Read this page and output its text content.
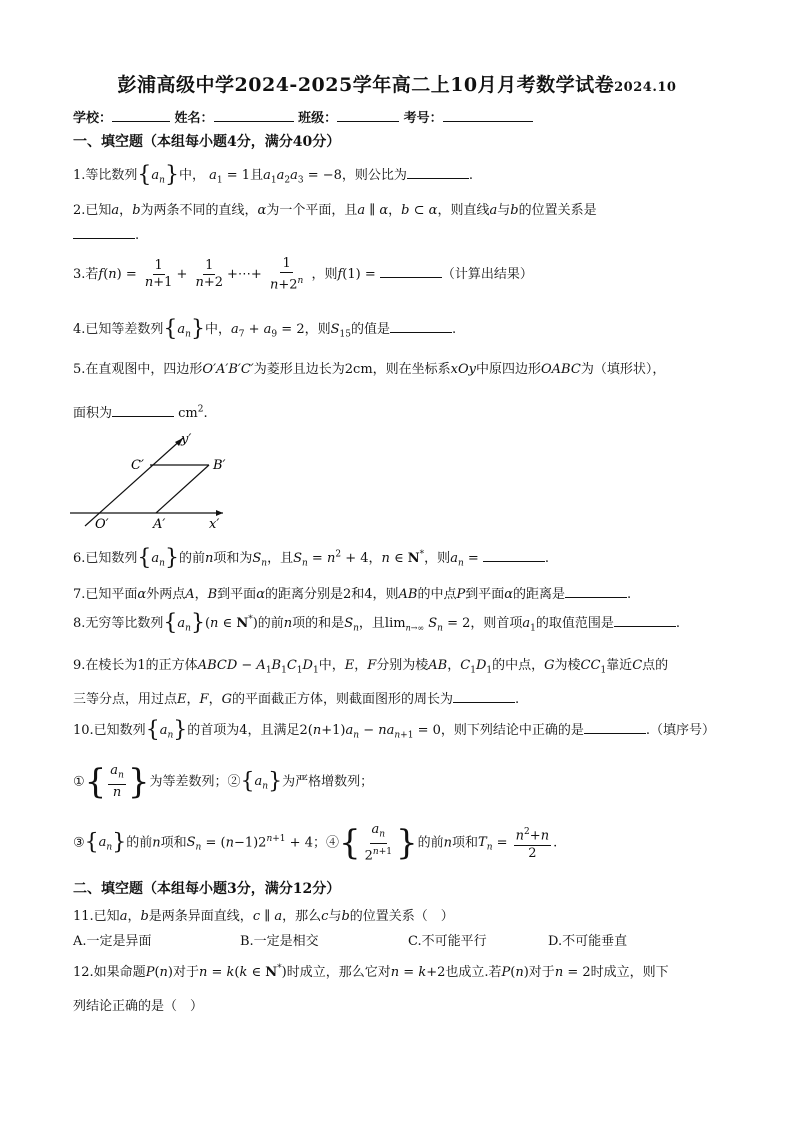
彭浦高级中学2024-2025学年高二上10月月考数学试卷2024.10
学校：	姓名：	班级：	考号：
一、填空题（本组每小题4分，满分40分）
1.等比数列$\{a_n\}$中， $a_1 = 1$且$a_1a_2a_3 = -8$，则公比为	.
2.已知a，b为两条不同的直线，α为一个平面，且a ∥ α，b ⊂ α，则直线a与b的位置关系是
.
3.若$f(n) = \frac{1}{n+1} + \frac{1}{n+2}$ +⋯+ $\frac{1}{n+2^n}$ ，则f(1) =	（计算出结果）
4.已知等差数列$\{a_n\}$中，$a_7 + a_9 = 2$，则$S_{15}$的值是	.
5.在直观图中，四边形O′A′B′C′为菱形且边长为2cm，则在坐标系xOy中原四边形OABC为（填形状），
面积为	$cm^2$.
y′
x′
O′	A′
B′
C′
6.已知数列$\{a_n\}$的前n项和为$S_n$，且$S_n = n^2 + 4$，n ∈ N*，则$a_n$ =	.
7.已知平面α外两点A，B到平面α的距离分别是2和4，则AB的中点P到平面α的距离是	.
8.无穷等比数列$\{a_n\}(n$ ∈ N*)的前n项的和是$S_n$，且$\lim_{n\to\infty} S_n = 2$，则首项$a_1$的取值范围是	.
9.在棱长为1的正方体ABCD − $A_1B_1C_1D_1$中，E，F分别为棱AB，$C_1D_1$的中点，G为棱$CC_1$靠近C点的
三等分点，用过点E，F，G的平面截正方体，则截面图形的周长为	.
10.已知数列$\{a_n\}$的首项为4，且满足$2(n+1)a_n - na_{n+1} = 0$，则下列结论中正确的是	.（填序号）
①{ $\frac{a_n}{n}$ }为等差数列；$②\{a_n\}$为严格增数列；
$③\{a_n\}$的前n项和$S_n = (n-1)2^{n+1} + 4$；④{ $\frac{a_n}{2^{n+1}}$ }的前n项和$T_n = \frac{n^2+n}{2}$ .
二、填空题（本组每小题3分，满分12分）
11.已知a，b是两条异面直线，c ∥ a，那么c与b的位置关系（　）
A.一定是异面	B.一定是相交	C.不可能平行	D.不可能垂直
12.如果命题P(n)对于n = k(k ∈ N*)时成立，那么它对n = k+2也成立.若P(n)对于n = 2时成立，则下
列结论正确的是（　）
